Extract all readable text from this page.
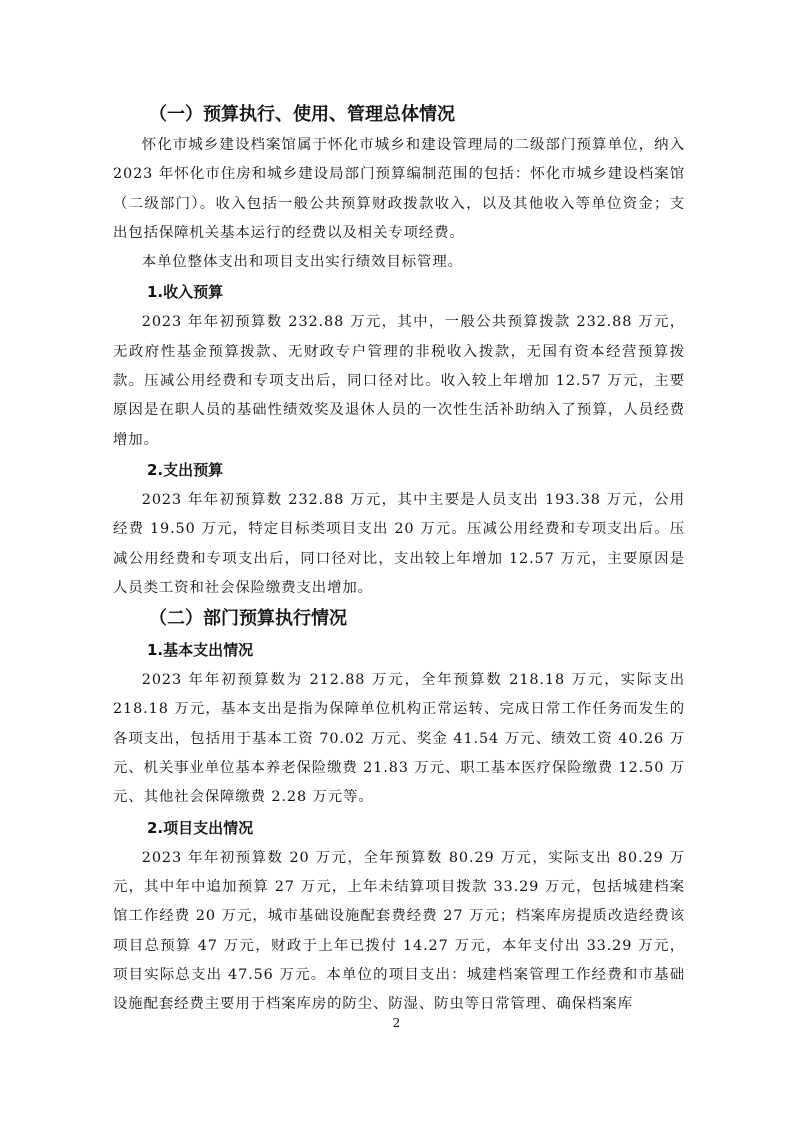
（一）预算执行、使用、管理总体情况

怀化市城乡建设档案馆属于怀化市城乡和建设管理局的二级部门预算单位，纳入 2023 年怀化市住房和城乡建设局部门预算编制范围的包括：怀化市城乡建设档案馆（二级部门）。收入包括一般公共预算财政拨款收入，以及其他收入等单位资金；支出包括保障机关基本运行的经费以及相关专项经费。

本单位整体支出和项目支出实行绩效目标管理。

1.收入预算

2023 年年初预算数 232.88 万元，其中，一般公共预算拨款 232.88 万元，无政府性基金预算拨款、无财政专户管理的非税收入拨款，无国有资本经营预算拨款。压减公用经费和专项支出后，同口径对比。收入较上年增加 12.57 万元，主要原因是在职人员的基础性绩效奖及退休人员的一次性生活补助纳入了预算，人员经费增加。

2.支出预算

2023 年年初预算数 232.88 万元，其中主要是人员支出 193.38 万元，公用经费 19.50 万元，特定目标类项目支出 20 万元。压减公用经费和专项支出后。压减公用经费和专项支出后，同口径对比，支出较上年增加 12.57 万元，主要原因是人员类工资和社会保险缴费支出增加。

（二）部门预算执行情况
1.基本支出情况

2023 年年初预算数为 212.88 万元，全年预算数 218.18 万元，实际支出 218.18 万元，基本支出是指为保障单位机构正常运转、完成日常工作任务而发生的各项支出，包括用于基本工资 70.02 万元、奖金 41.54 万元、绩效工资 40.26 万元、机关事业单位基本养老保险缴费 21.83 万元、职工基本医疗保险缴费 12.50 万元、其他社会保障缴费 2.28 万元等。

2.项目支出情况

2023 年年初预算数 20 万元，全年预算数 80.29 万元，实际支出 80.29 万元，其中年中追加预算 27 万元，上年未结算项目拨款 33.29 万元，包括城建档案馆工作经费 20 万元，城市基础设施配套费经费 27 万元；档案库房提质改造经费该项目总预算 47 万元，财政于上年已拨付 14.27 万元，本年支付出 33.29 万元，项目实际总支出 47.56 万元。本单位的项目支出：城建档案管理工作经费和市基础设施配套经费主要用于档案库房的防尘、防湿、防虫等日常管理、确保档案库

2
